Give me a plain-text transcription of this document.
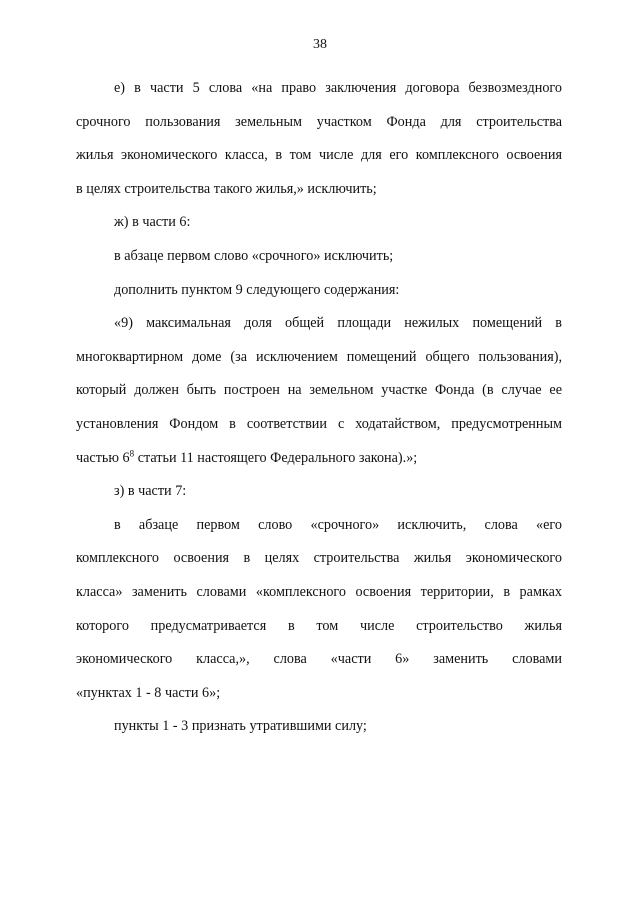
38

е) в части 5 слова «на право заключения договора безвозмездного
срочного пользования земельным участком Фонда для строительства
жилья экономического класса, в том числе для его комплексного освоения
в целях строительства такого жилья,» исключить;

ж) в части 6:

в абзаце первом слово «срочного» исключить;

дополнить пунктом 9 следующего содержания:

«9) максимальная доля общей площади нежилых помещений в
многоквартирном доме (за исключением помещений общего пользования),
который должен быть построен на земельном участке Фонда (в случае ее
установления Фондом в соответствии с ходатайством, предусмотренным
частью $6^8$ статьи 11 настоящего Федерального закона).»;

з) в части 7:

в абзаце первом слово «срочного» исключить, слова «его
комплексного освоения в целях строительства жилья экономического
класса» заменить словами «комплексного освоения территории, в рамках
которого предусматривается в том числе строительство жилья
экономического класса,», слова «части 6» заменить словами
«пунктах 1 - 8 части 6»;

пункты 1 - 3 признать утратившими силу;
